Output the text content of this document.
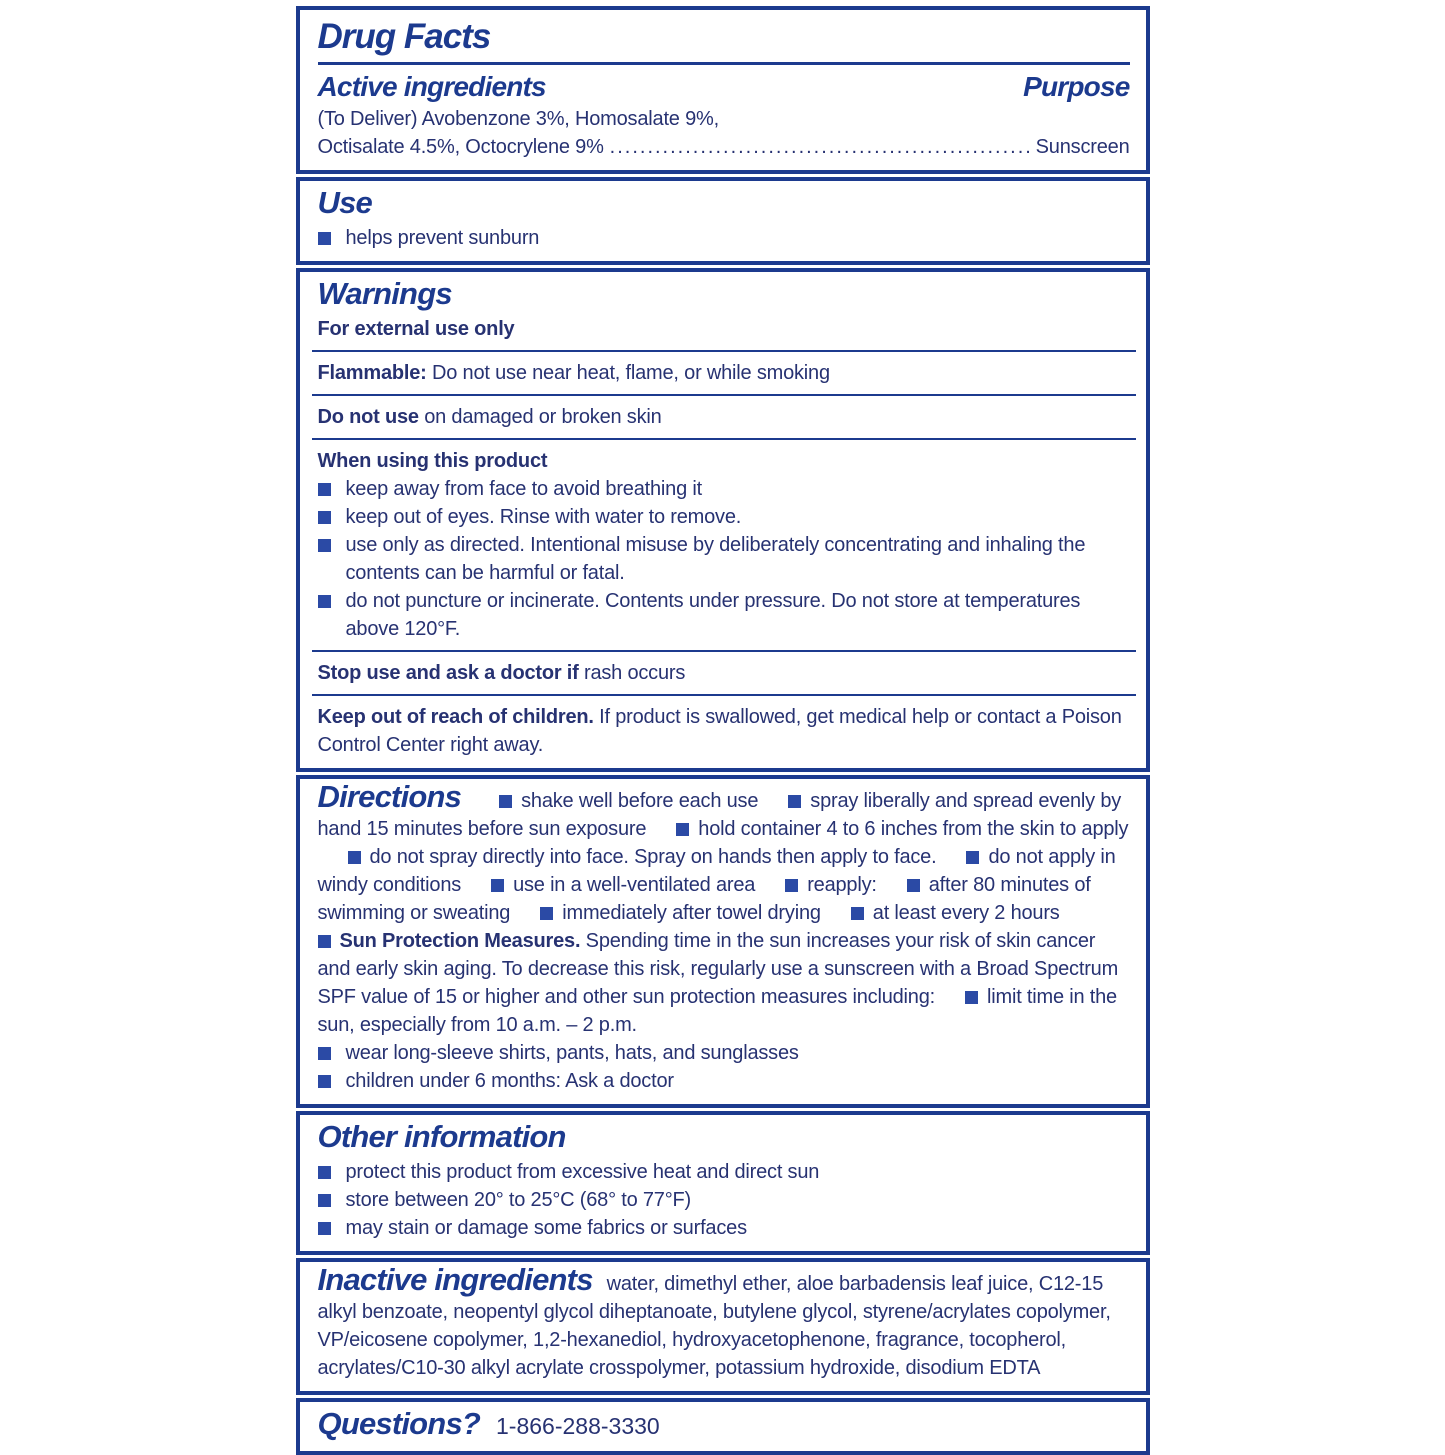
Drug Facts
Active ingredients	Purpose

(To Deliver) Avobenzone 3%, Homosalate 9%,

Octisalate 4.5%, Octocrylene 9% .....	Sunscreen
Use

helps prevent sunburn

Warnings

For external use only

Flammable: Do not use near heat, flame, or while smoking

Do not use on damaged or broken skin

When using this product

keep away from face to avoid breathing it

keep out of eyes. Rinse with water to remove.

use only as directed. Intentional misuse by deliberately concentrating and inhaling the contents can be harmful or fatal.

do not puncture or incinerate. Contents under pressure. Do not store at temperatures above 120°F.

Stop use and ask a doctor if rash occurs

Keep out of reach of children. If product is swallowed, get medical help or contact a Poison Control Center right away.

Directions	shake well before each use	spray liberally and spread evenly by hand 15 minutes before sun exposure	hold container 4 to 6 inches from the skin to applydo not spray directly into face. Spray on hands then apply to face.	do not apply in windy conditions	use in a well-ventilated area	reapply:	after 80 minutes of swimming or sweating	immediately after towel drying	at least every 2 hours

Sun Protection Measures. Spending time in the sun increases your risk of skin cancer and early skin aging. To decrease this risk, regularly use a sunscreen with a Broad Spectrum SPF value of 15 or higher and other sun protection measures including:	limit time in the sun, especially from 10 a.m. – 2 p.m.

wear long-sleeve shirts, pants, hats, and sunglasses

children under 6 months: Ask a doctor

Other information

protect this product from excessive heat and direct sun

store between 20° to 25°C (68° to 77°F)

may stain or damage some fabrics or surfaces

Inactive ingredients water, dimethyl ether, aloe barbadensis leaf juice, C12-15 alkyl benzoate, neopentyl glycol diheptanoate, butylene glycol, styrene/acrylates copolymer, VP/eicosene copolymer, 1,2-hexanediol, hydroxyacetophenone, fragrance, tocopherol, acrylates/C10-30 alkyl acrylate crosspolymer, potassium hydroxide, disodium EDTA

Questions? 1-866-288-3330
